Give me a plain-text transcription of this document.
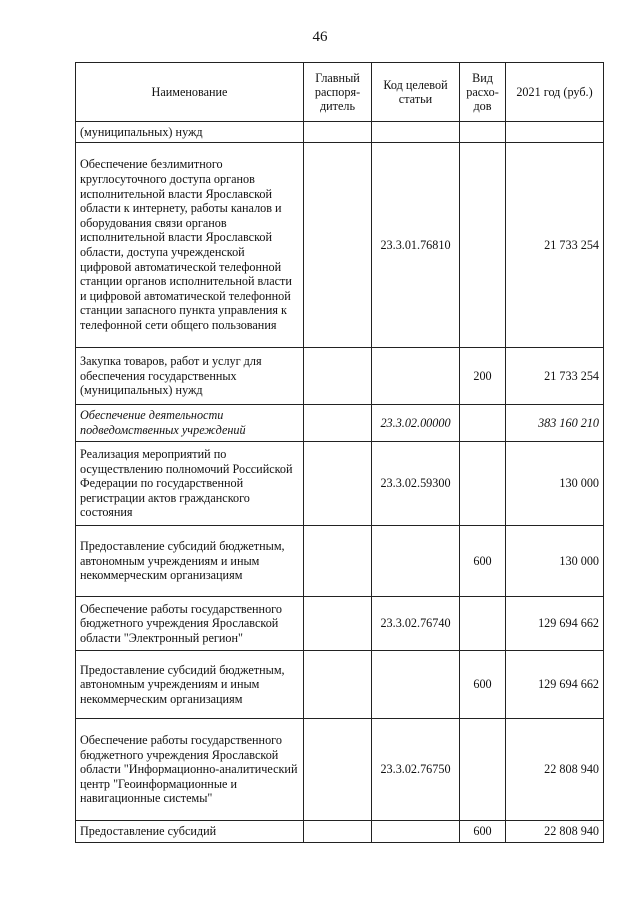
46
Наименование	Главный распоря-дитель	Код целевой статьи	Вид расхо-дов	2021 год (руб.)
(муниципальных) нужд				
Обеспечение безлимитного круглосуточного доступа органов исполнительной власти Ярославской области к интернету, работы каналов и оборудования связи органов исполнительной власти Ярославской области, доступа учрежденской цифровой автоматической телефонной станции органов исполнительной власти и цифровой автоматической телефонной станции запасного пункта управления к телефонной сети общего пользования		23.3.01.76810		21 733 254
Закупка товаров, работ и услуг для обеспечения государственных (муниципальных) нужд			200	21 733 254
Обеспечение деятельности подведомственных учреждений		23.3.02.00000		383 160 210
Реализация мероприятий по осуществлению полномочий Российской Федерации по государственной регистрации актов гражданского состояния		23.3.02.59300		130 000
Предоставление субсидий бюджетным, автономным учреждениям и иным некоммерческим организациям			600	130 000
Обеспечение работы государственного бюджетного учреждения Ярославской области "Электронный регион"		23.3.02.76740		129 694 662
Предоставление субсидий бюджетным, автономным учреждениям и иным некоммерческим организациям			600	129 694 662
Обеспечение работы государственного бюджетного учреждения Ярославской области "Информационно-аналитический центр "Геоинформационные и навигационные системы"		23.3.02.76750		22 808 940
Предоставление субсидий			600	22 808 940
